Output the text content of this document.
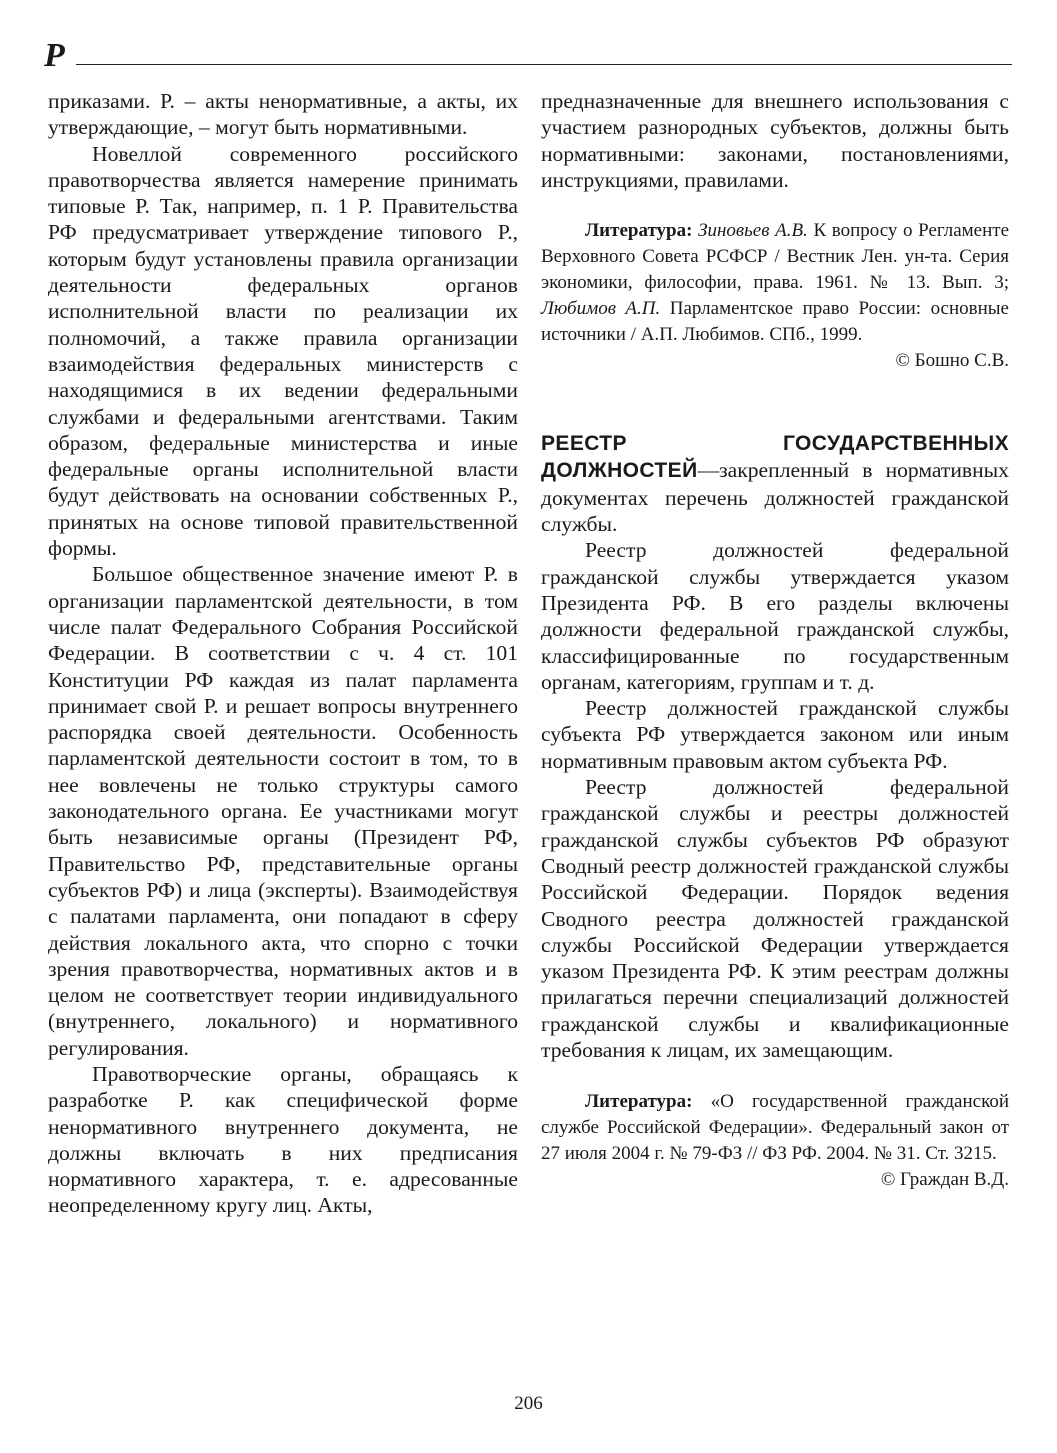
Р

приказами. Р. – акты ненормативные, а акты, их утверждающие, – могут быть нормативными.

Новеллой современного российского правотворчества является намерение принимать типовые Р. Так, например, п. 1 Р. Правительства РФ предусматривает утверждение типового Р., которым будут установлены правила организации деятельности федеральных органов исполнительной власти по реализации их полномочий, а также правила организации взаимодействия федеральных министерств с находящимися в их ведении федеральными службами и федеральными агентствами. Таким образом, федеральные министерства и иные федеральные органы исполнительной власти будут действовать на основании собственных Р., принятых на основе типовой правительственной формы.

Большое общественное значение имеют Р. в организации парламентской деятельности, в том числе палат Федерального Собрания Российской Федерации. В соответствии с ч. 4 ст. 101 Конституции РФ каждая из палат парламента принимает свой Р. и решает вопросы внутреннего распорядка своей деятельности. Особенность парламентской деятельности состоит в том, то в нее вовлечены не только структуры самого законодательного органа. Ее участниками могут быть независимые органы (Президент РФ, Правительство РФ, представительные органы субъектов РФ) и лица (эксперты). Взаимодействуя с палатами парламента, они попадают в сферу действия локального акта, что спорно с точки зрения правотворчества, нормативных актов и в целом не соответствует теории индивидуального (внутреннего, локального) и нормативного регулирования.

Правотворческие органы, обращаясь к разработке Р. как специфической форме ненормативного внутреннего документа, не должны включать в них предписания нормативного характера, т. е. адресованные неопределенному кругу лиц. Акты,

предназначенные для внешнего использования с участием разнородных субъектов, должны быть нормативными: законами, постановлениями, инструкциями, правилами.

Литература: Зиновьев А.В. К вопросу о Регламенте Верховного Совета РСФСР / Вестник Лен. ун-та. Серия экономики, философии, права. 1961. № 13. Вып. 3; Любимов А.П. Парламентское право России: основные источники / А.П. Любимов. СПб., 1999.

© Бошно С.В.

РЕЕСТР ГОСУДАРСТВЕННЫХ ДОЛЖНОСТЕЙ—закрепленный в нормативных документах перечень должностей гражданской службы.

Реестр должностей федеральной гражданской службы утверждается указом Президента РФ. В его разделы включены должности федеральной гражданской службы, классифицированные по государственным органам, категориям, группам и т. д.

Реестр должностей гражданской службы субъекта РФ утверждается законом или иным нормативным правовым актом субъекта РФ.

Реестр должностей федеральной гражданской службы и реестры должностей гражданской службы субъектов РФ образуют Сводный реестр должностей гражданской службы Российской Федерации. Порядок ведения Сводного реестра должностей гражданской службы Российской Федерации утверждается указом Президента РФ. К этим реестрам должны прилагаться перечни специализаций должностей гражданской службы и квалификационные требования к лицам, их замещающим.

Литература: «О государственной гражданской службе Российской Федерации». Федеральный закон от 27 июля 2004 г. № 79-ФЗ // ФЗ РФ. 2004. № 31. Ст. 3215.

© Граждан В.Д.

206
